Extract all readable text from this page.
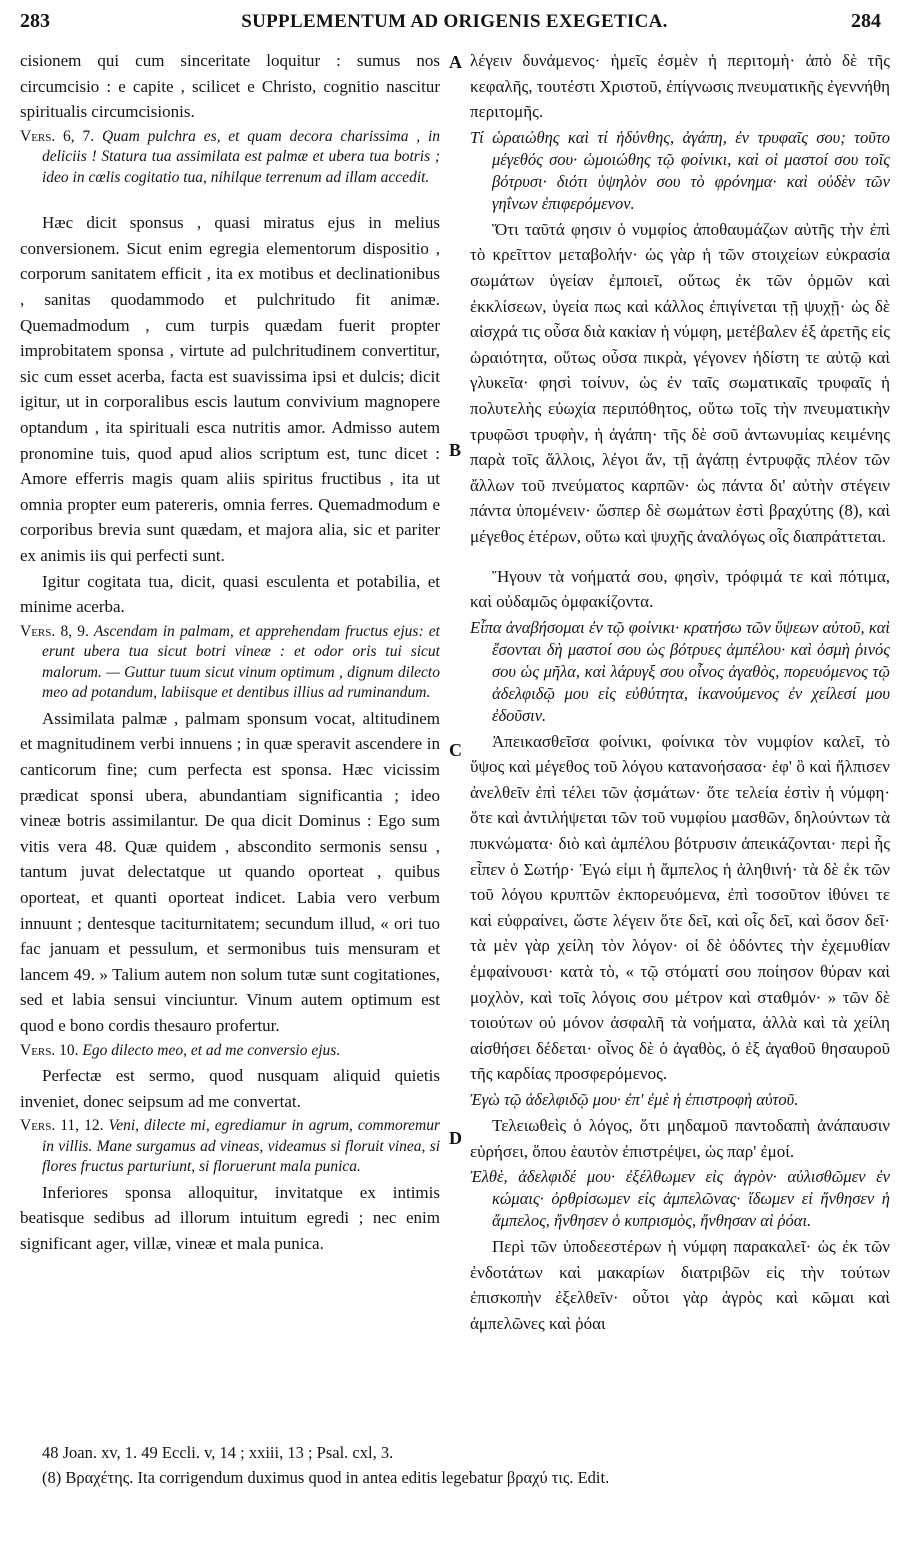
283	SUPPLEMENTUM AD ORIGENIS EXEGETICA.	284
A
B
C
D

cisionem qui cum sinceritate loquitur : sumus nos circumcisio : e capite , scilicet e Christo, cognitio nascitur spiritualis circumcisionis.

Vers. 6, 7. Quam pulchra es, et quam decora charissima , in deliciis ! Statura tua assimilata est palmæ et ubera tua botris ; ideo in cœlis cogitatio tua, nihilque terrenum ad illam accedit.

Hæc dicit sponsus , quasi miratus ejus in melius conversionem. Sicut enim egregia elementorum dispositio , corporum sanitatem efficit , ita ex motibus et declinationibus , sanitas quodammodo et pulchritudo fit animæ. Quemadmodum , cum turpis quædam fuerit propter improbitatem sponsa , virtute ad pulchritudinem convertitur, sic cum esset acerba, facta est suavissima ipsi et dulcis; dicit igitur, ut in corporalibus escis lautum convivium magnopere optandum , ita spirituali esca nutritis amor. Admisso autem pronomine tuis, quod apud alios scriptum est, tunc dicet : Amore efferris magis quam aliis spiritus fructibus , ita ut omnia propter eum patereris, omnia ferres. Quemadmodum e corporibus brevia sunt quædam, et majora alia, sic et pariter ex animis iis qui perfecti sunt.

Igitur cogitata tua, dicit, quasi esculenta et potabilia, et minime acerba.

Vers. 8, 9. Ascendam in palmam, et apprehendam fructus ejus: et erunt ubera tua sicut botri vineæ : et odor oris tui sicut malorum. — Guttur tuum sicut vinum optimum , dignum dilecto meo ad potandum, labiisque et dentibus illius ad ruminandum.

Assimilata palmæ , palmam sponsum vocat, altitudinem et magnitudinem verbi innuens ; in quæ speravit ascendere in canticorum fine; cum perfecta est sponsa. Hæc vicissim prædicat sponsi ubera, abundantiam significantia ; ideo vineæ botris assimilantur. De qua dicit Dominus : Ego sum vitis vera 48. Quæ quidem , abscondito sermonis sensu , tantum juvat delectatque ut quando oporteat , quibus oporteat, et quanti oporteat indicet. Labia vero verbum innuunt ; dentesque taciturnitatem; secundum illud, « ori tuo fac januam et pessulum, et sermonibus tuis mensuram et lancem 49. » Talium autem non solum tutæ sunt cogitationes, sed et labia sensui vinciuntur. Vinum autem optimum est quod e bono cordis thesauro profertur.

Vers. 10. Ego dilecto meo, et ad me conversio ejus.

Perfectæ est sermo, quod nusquam aliquid quietis inveniet, donec seipsum ad me convertat.

Vers. 11, 12. Veni, dilecte mi, egrediamur in agrum, commoremur in villis. Mane surgamus ad vineas, videamus si floruit vinea, si flores fructus parturiunt, si floruerunt mala punica.

Inferiores sponsa alloquitur, invitatque ex intimis beatisque sedibus ad illorum intuitum egredi ; nec enim significant ager, villæ, vineæ et mala punica.

λέγειν δυνάμενος· ἡμεῖς ἐσμὲν ἡ περιτομὴ· ἀπὸ δὲ τῆς κεφαλῆς, τουτέστι Χριστοῦ, ἐπίγνωσις πνευματικῆς ἐγεννήθη περιτομῆς.

Τί ὡραιώθης καὶ τί ἡδύνθης, ἀγάπη, ἐν τρυφαῖς σου; τοῦτο μέγεθός σου· ὡμοιώθης τῷ φοίνικι, καὶ οἱ μαστοί σου τοῖς βότρυσι· διότι ὑψηλὸν σου τὸ φρόνημα· καὶ οὐδὲν τῶν γηΐνων ἐπιφερόμενον.

Ὅτι ταῦτά φησιν ὁ νυμφίος ἀποθαυμάζων αὐτῆς τὴν ἐπὶ τὸ κρεῖττον μεταβολήν· ὡς γὰρ ἡ τῶν στοιχείων εὐκρασία σωμάτων ὑγείαν ἐμποιεῖ, οὕτως ἐκ τῶν ὁρμῶν καὶ ἐκκλίσεων, ὑγεία πως καὶ κάλλος ἐπιγίνεται τῇ ψυχῇ· ὡς δὲ αἰσχρά τις οὖσα διὰ κακίαν ἡ νύμφη, μετέβαλεν ἐξ ἀρετῆς εἰς ὡραιότητα, οὕτως οὖσα πικρὰ, γέγονεν ἡδίστη τε αὐτῷ καὶ γλυκεῖα· φησὶ τοίνυν, ὡς ἐν ταῖς σωματικαῖς τρυφαῖς ἡ πολυτελὴς εὐωχία περιπόθητος, οὕτω τοῖς τὴν πνευματικὴν τρυφῶσι τρυφὴν, ἡ ἀγάπη· τῆς δὲ σοῦ ἀντωνυμίας κειμένης παρὰ τοῖς ἄλλοις, λέγοι ἄν, τῇ ἀγάπῃ ἐντρυφᾷς πλέον τῶν ἄλλων τοῦ πνεύματος καρπῶν· ὡς πάντα δι' αὐτὴν στέγειν πάντα ὑπομένειν· ὥσπερ δὲ σωμάτων ἐστὶ βραχύτης (8), καὶ μέγεθος ἑτέρων, οὕτω καὶ ψυχῆς ἀναλόγως οἷς διαπράττεται.

Ἤγουν τὰ νοήματά σου, φησὶν, τρόφιμά τε καὶ πότιμα, καὶ οὐδαμῶς ὀμφακίζοντα.

Εἶπα ἀναβήσομαι ἐν τῷ φοίνικι· κρατήσω τῶν ὕψεων αὐτοῦ, καὶ ἔσονται δὴ μαστοί σου ὡς βότρυες ἀμπέλου· καὶ ὀσμὴ ῥινός σου ὡς μῆλα, καὶ λάρυγξ σου οἶνος ἀγαθὸς, πορευόμενος τῷ ἀδελφιδῷ μου εἰς εὐθύτητα, ἱκανούμενος ἐν χείλεσί μου ἐδοῦσιν.

Ἀπεικασθεῖσα φοίνικι, φοίνικα τὸν νυμφίον καλεῖ, τὸ ὕψος καὶ μέγεθος τοῦ λόγου κατανοήσασα· ἐφ' ὃ καὶ ἤλπισεν ἀνελθεῖν ἐπὶ τέλει τῶν ᾀσμάτων· ὅτε τελεία ἐστὶν ἡ νύμφη· ὅτε καὶ ἀντιλήψεται τῶν τοῦ νυμφίου μασθῶν, δηλούντων τὰ πυκνώματα· διὸ καὶ ἀμπέλου βότρυσιν ἀπεικάζονται· περὶ ἧς εἶπεν ὁ Σωτήρ· Ἐγώ εἰμι ἡ ἄμπελος ἡ ἀληθινή· τὰ δὲ ἐκ τῶν τοῦ λόγου κρυπτῶν ἐκπορευόμενα, ἐπὶ τοσοῦτον ἰθύνει τε καὶ εὐφραίνει, ὥστε λέγειν ὅτε δεῖ, καὶ οἷς δεῖ, καὶ ὅσον δεῖ· τὰ μὲν γὰρ χείλη τὸν λόγον· οἱ δὲ ὀδόντες τὴν ἐχεμυθίαν ἐμφαίνουσι· κατὰ τὸ, « τῷ στόματί σου ποίησον θύραν καὶ μοχλὸν, καὶ τοῖς λόγοις σου μέτρον καὶ σταθμόν· » τῶν δὲ τοιούτων οὐ μόνον ἀσφαλῆ τὰ νοήματα, ἀλλὰ καὶ τὰ χείλη αἰσθήσει δέδεται· οἶνος δὲ ὁ ἀγαθὸς, ὁ ἐξ ἀγαθοῦ θησαυροῦ τῆς καρδίας προσφερόμενος.

Ἐγὼ τῷ ἀδελφιδῷ μου· ἐπ' ἐμὲ ἡ ἐπιστροφὴ αὐτοῦ.

Τελειωθεὶς ὁ λόγος, ὅτι μηδαμοῦ παντοδαπὴ ἀνάπαυσιν εὑρήσει, ὅπου ἑαυτὸν ἐπιστρέψει, ὡς παρ' ἐμοί.

Ἐλθὲ, ἀδελφιδέ μου· ἐξέλθωμεν εἰς ἀγρὸν· αὐλισθῶμεν ἐν κώμαις· ὀρθρίσωμεν εἰς ἀμπελῶνας· ἴδωμεν εἰ ἤνθησεν ἡ ἄμπελος, ἤνθησεν ὁ κυπρισμὸς, ἤνθησαν αἱ ῥόαι.

Περὶ τῶν ὑποδεεστέρων ἡ νύμφη παρακαλεῖ· ὡς ἐκ τῶν ἐνδοτάτων καὶ μακαρίων διατριβῶν εἰς τὴν τούτων ἐπισκοπὴν ἐξελθεῖν· οὗτοι γὰρ ἀγρὸς καὶ κῶμαι καὶ ἀμπελῶνες καὶ ῥόαι

48 Joan. xv, 1. 49 Eccli. v, 14 ; xxiii, 13 ; Psal. cxl, 3.
(8) Βραχέτης. Ita corrigendum duximus quod in antea editis legebatur βραχύ τις. Edit.
